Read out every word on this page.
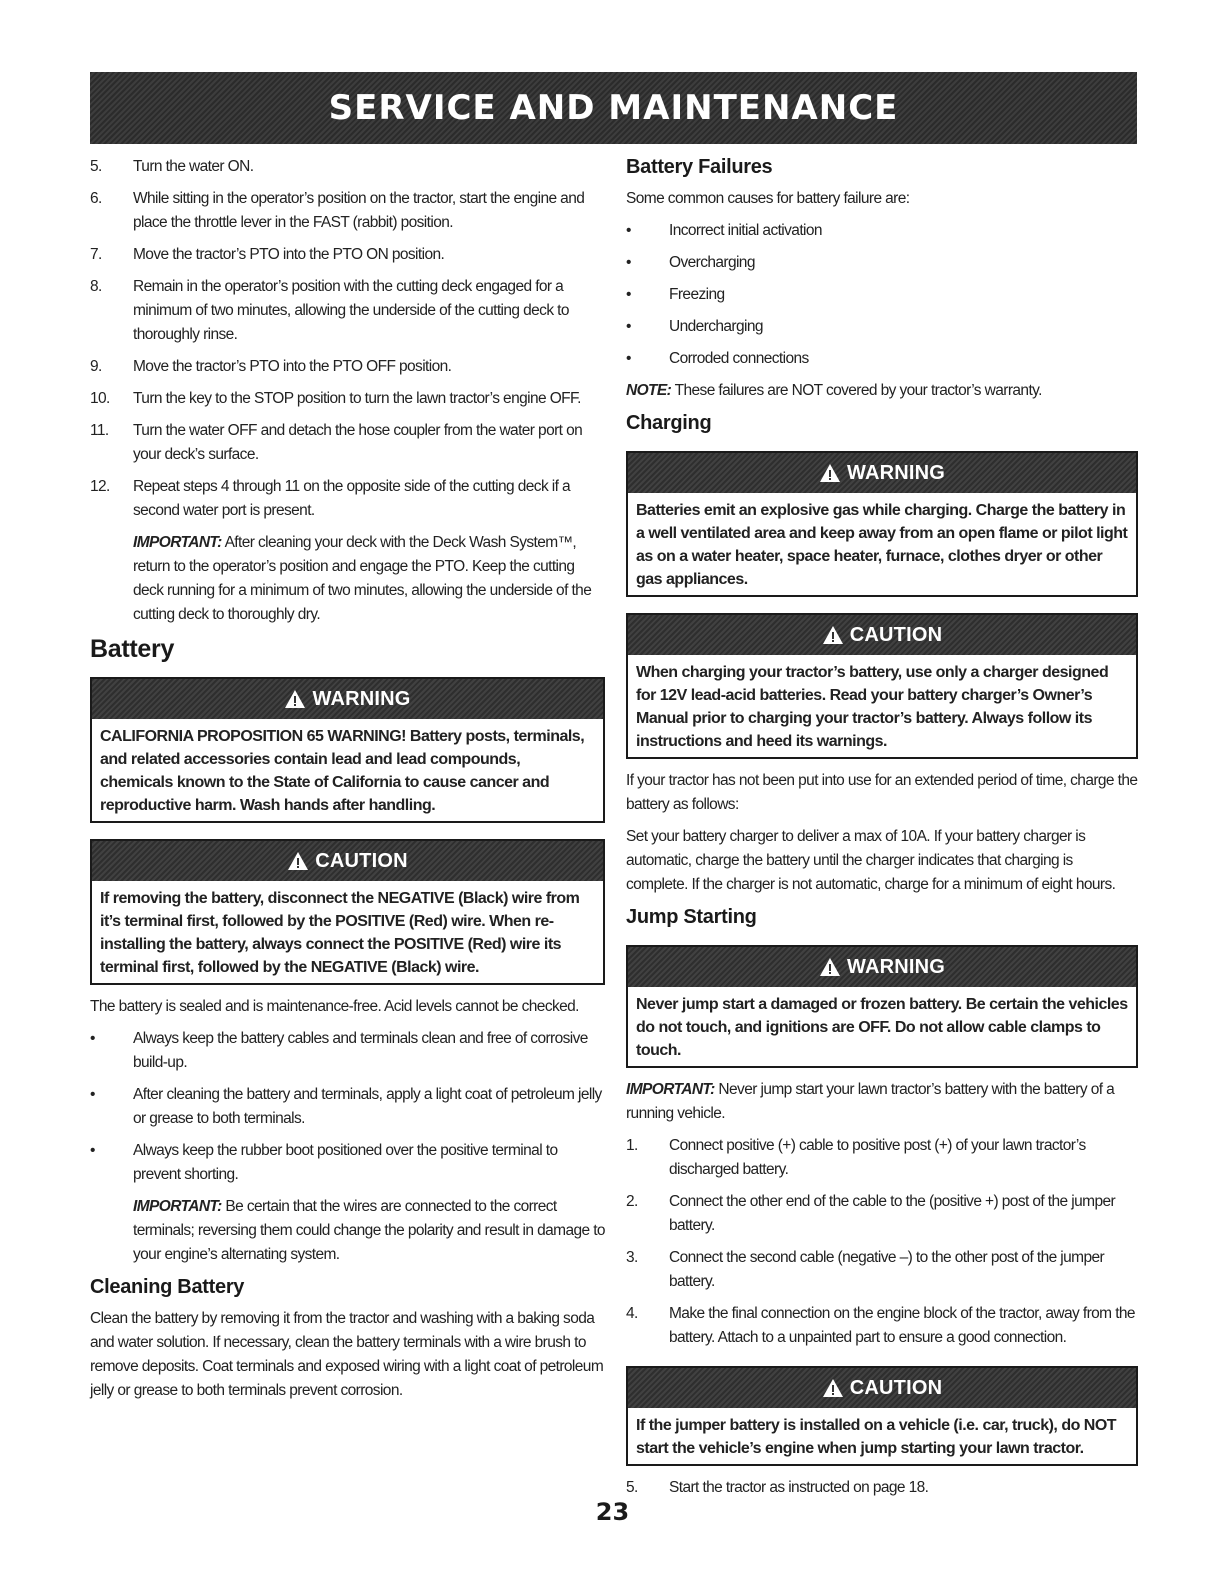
SERVICE AND MAINTENANCE
5. Turn the water ON.
6. While sitting in the operator’s position on the tractor, start the engine and place the throttle lever in the FAST (rabbit) position.
7. Move the tractor’s PTO into the PTO ON position.
8. Remain in the operator’s position with the cutting deck engaged for a minimum of two minutes, allowing the underside of the cutting deck to thoroughly rinse.
9. Move the tractor’s PTO into the PTO OFF position.
10. Turn the key to the STOP position to turn the lawn tractor’s engine OFF.
11. Turn the water OFF and detach the hose coupler from the water port on your deck’s surface.
12. Repeat steps 4 through 11 on the opposite side of the cutting deck if a second water port is present.
IMPORTANT: After cleaning your deck with the Deck Wash System™, return to the operator’s position and engage the PTO. Keep the cutting deck running for a minimum of two minutes, allowing the underside of the cutting deck to thoroughly dry.
Battery
WARNING
CALIFORNIA PROPOSITION 65 WARNING! Battery posts, terminals, and related accessories contain lead and lead compounds, chemicals known to the State of California to cause cancer and reproductive harm. Wash hands after handling.
CAUTION
If removing the battery, disconnect the NEGATIVE (Black) wire from it’s terminal first, followed by the POSITIVE (Red) wire. When re-installing the battery, always connect the POSITIVE (Red) wire its terminal first, followed by the NEGATIVE (Black) wire.

The battery is sealed and is maintenance-free. Acid levels cannot be checked.

• Always keep the battery cables and terminals clean and free of corrosive build-up.
• After cleaning the battery and terminals, apply a light coat of petroleum jelly or grease to both terminals.
• Always keep the rubber boot positioned over the positive terminal to prevent shorting.
IMPORTANT: Be certain that the wires are connected to the correct terminals; reversing them could change the polarity and result in damage to your engine’s alternating system.
Cleaning Battery

Clean the battery by removing it from the tractor and washing with a baking soda and water solution. If necessary, clean the battery terminals with a wire brush to remove deposits. Coat terminals and exposed wiring with a light coat of petroleum jelly or grease to both terminals prevent corrosion.

Battery Failures

Some common causes for battery failure are:

• Incorrect initial activation
• Overcharging
• Freezing
• Undercharging
• Corroded connections

NOTE: These failures are NOT covered by your tractor’s warranty.

Charging
WARNING
Batteries emit an explosive gas while charging. Charge the battery in a well ventilated area and keep away from an open flame or pilot light as on a water heater, space heater, furnace, clothes dryer or other gas appliances.
CAUTION
When charging your tractor’s battery, use only a charger designed for 12V lead-acid batteries. Read your battery charger’s Owner’s Manual prior to charging your tractor’s battery. Always follow its instructions and heed its warnings.

If your tractor has not been put into use for an extended period of time, charge the battery as follows:

Set your battery charger to deliver a max of 10A. If your battery charger is automatic, charge the battery until the charger indicates that charging is complete. If the charger is not automatic, charge for a minimum of eight hours.

Jump Starting
WARNING
Never jump start a damaged or frozen battery. Be certain the vehicles do not touch, and ignitions are OFF. Do not allow cable clamps to touch.

IMPORTANT: Never jump start your lawn tractor’s battery with the battery of a running vehicle.

1. Connect positive (+) cable to positive post (+) of your lawn tractor’s discharged battery.
2. Connect the other end of the cable to the (positive +) post of the jumper battery.
3. Connect the second cable (negative –) to the other post of the jumper battery.
4. Make the final connection on the engine block of the tractor, away from the battery. Attach to a unpainted part to ensure a good connection.
CAUTION
If the jumper battery is installed on a vehicle (i.e. car, truck), do NOT start the vehicle’s engine when jump starting your lawn tractor.
5. Start the tractor as instructed on page 18.
23
